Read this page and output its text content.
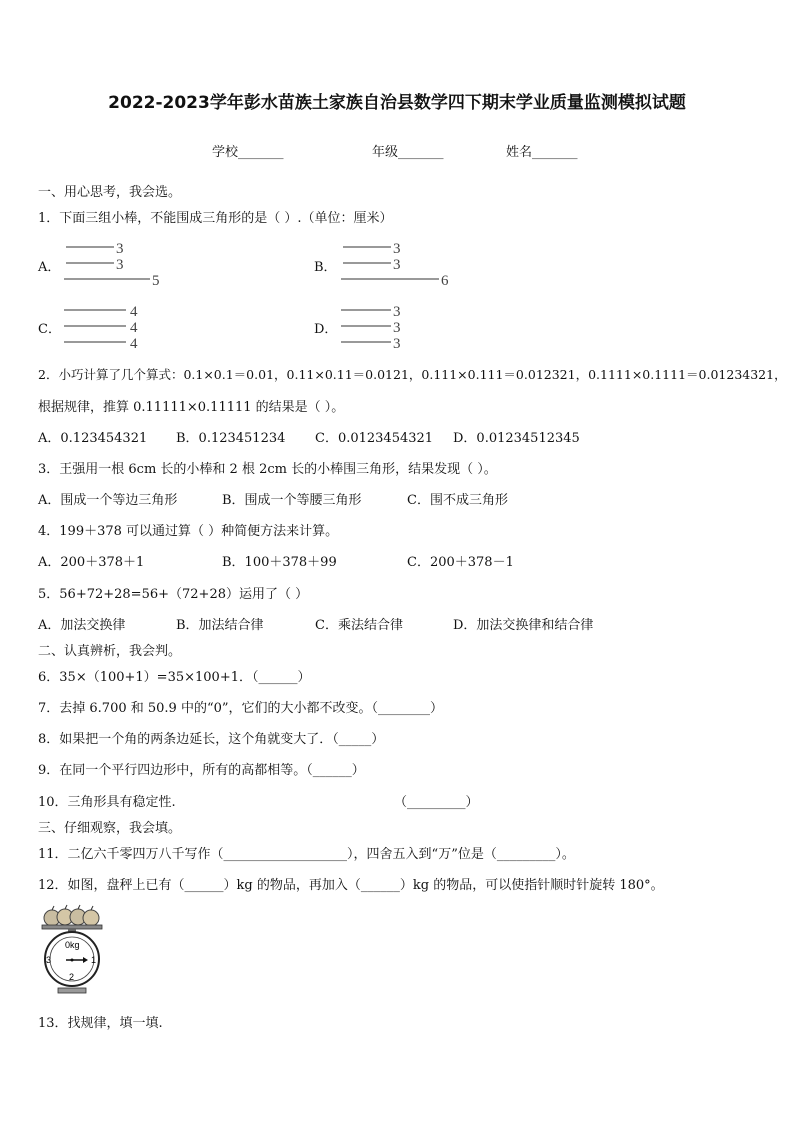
2022-2023学年彭水苗族土家族自治县数学四下期末学业质量监测模拟试题
学校_______	年级_______	姓名_______
一、用心思考，我会选。
1．下面三组小棒，不能围成三角形的是（ ）.（单位：厘米）
A．
3
3
5
B．
3
3
6
C．
4
4
4
D．
3
3
3
2．小巧计算了几个算式：0.1×0.1＝0.01，0.11×0.11＝0.0121，0.111×0.111＝0.012321，0.1111×0.1111＝0.01234321，
根据规律，推算 0.11111×0.11111 的结果是（ ）。
A．0.123454321 B．0.123451234 C．0.0123454321 D．0.01234512345
3．王强用一根 6cm 长的小棒和 2 根 2cm 长的小棒围三角形，结果发现（ ）。
A．围成一个等边三角形	B．围成一个等腰三角形	C．围不成三角形
4．199＋378 可以通过算（ ）种简便方法来计算。
A．200＋378＋1	B．100＋378＋99	C．200＋378－1
5．56+72+28=56+（72+28）运用了（ ）
A．加法交换律	B．加法结合律	C．乘法结合律	D．加法交换律和结合律
二、认真辨析，我会判。
6．35×（100+1）=35×100+1．（______）
7．去掉 6.700 和 50.9 中的“0”，它们的大小都不改变。（________）
8．如果把一个角的两条边延长，这个角就变大了．（_____）
9．在同一个平行四边形中，所有的高都相等。（______）
10．三角形具有稳定性.	（_________）
三、仔细观察，我会填。
11．二亿六千零四万八千写作（___________________），四舍五入到“万”位是（_________）。
12．如图，盘秤上已有（______）kg 的物品，再加入（______）kg 的物品，可以使指针顺时针旋转 180°。
0kg
3	1
2
13．找规律，填一填.
